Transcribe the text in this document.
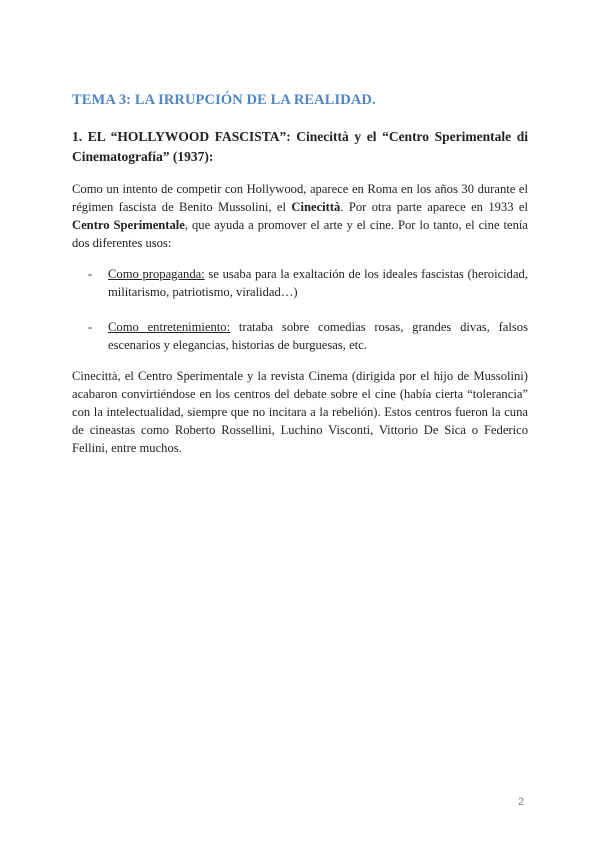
TEMA 3: LA IRRUPCIÓN DE LA REALIDAD.
1. EL “HOLLYWOOD FASCISTA”: Cinecittà y el “Centro Sperimentale di Cinematografía” (1937):
Como un intento de competir con Hollywood, aparece en Roma en los años 30 durante el régimen fascista de Benito Mussolini, el Cinecittà. Por otra parte aparece en 1933 el Centro Sperimentale, que ayuda a promover el arte y el cine. Por lo tanto, el cine tenía dos diferentes usos:
- Como propaganda: se usaba para la exaltación de los ideales fascistas (heroicidad, militarismo, patriotismo, viralidad…)
- Como entretenimiento: trataba sobre comedias rosas, grandes divas, falsos escenarios y elegancias, historias de burguesas, etc.
Cinecittà, el Centro Sperimentale y la revista Cinema (dirigida por el hijo de Mussolini) acabaron convirtiéndose en los centros del debate sobre el cine (había cierta “tolerancia” con la intelectualidad, siempre que no incitara a la rebelión). Estos centros fueron la cuna de cineastas como Roberto Rossellini, Luchino Visconti, Vittorio De Sica o Federico Fellini, entre muchos.
2
